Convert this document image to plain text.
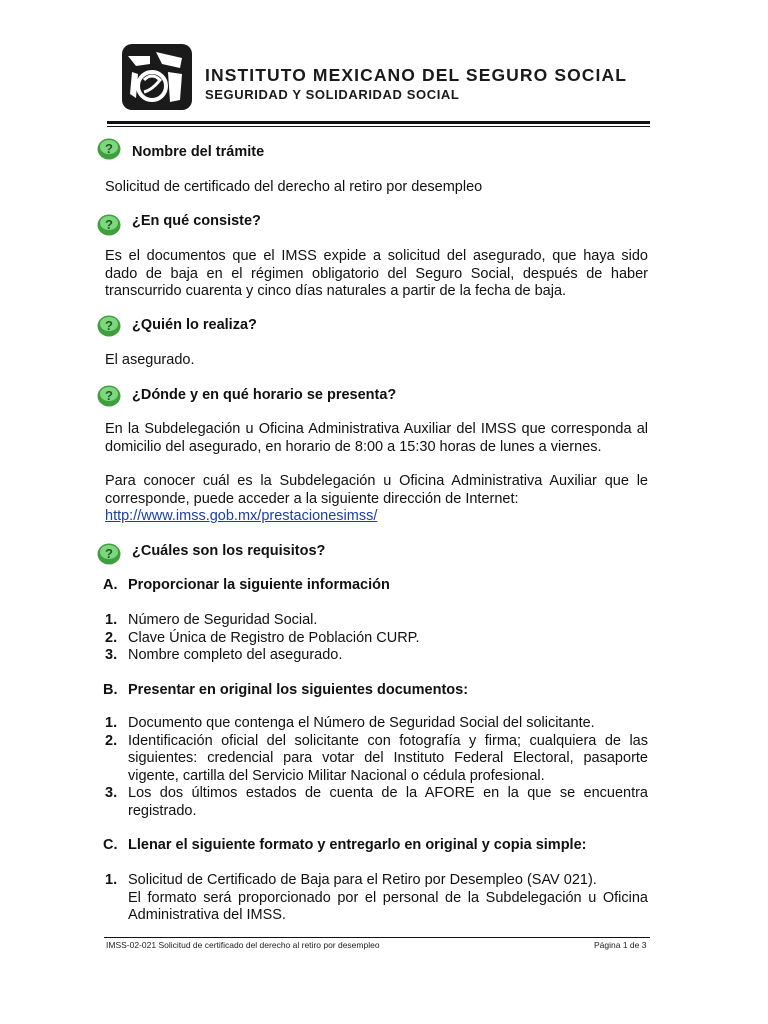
INSTITUTO MEXICANO DEL SEGURO SOCIAL
SEGURIDAD Y SOLIDARIDAD SOCIAL
? Nombre del trámite
Solicitud de certificado del derecho al retiro por desempleo
? ¿En qué consiste?
Es el documentos que el IMSS expide a solicitud del asegurado, que haya sido dado de baja en el régimen obligatorio del Seguro Social, después de haber transcurrido cuarenta y cinco días naturales a partir de la fecha de baja.
? ¿Quién lo realiza?
El asegurado.
? ¿Dónde y en qué horario se presenta?
En la Subdelegación u Oficina Administrativa Auxiliar del IMSS que corresponda al domicilio del asegurado, en horario de 8:00 a 15:30 horas de lunes a viernes.
Para conocer cuál es la Subdelegación u Oficina Administrativa Auxiliar que le corresponde, puede acceder a la siguiente dirección de Internet:
http://www.imss.gob.mx/prestacionesimss/
? ¿Cuáles son los requisitos?
A. Proporcionar la siguiente información
1. Número de Seguridad Social.
2. Clave Única de Registro de Población CURP.
3. Nombre completo del asegurado.
B. Presentar en original los siguientes documentos:
1. Documento que contenga el Número de Seguridad Social del solicitante.
2. Identificación oficial del solicitante con fotografía y firma; cualquiera de las siguientes: credencial para votar del Instituto Federal Electoral, pasaporte vigente, cartilla del Servicio Militar Nacional o cédula profesional.
3. Los dos últimos estados de cuenta de la AFORE en la que se encuentra registrado.
C. Llenar el siguiente formato y entregarlo en original y copia simple:
1. Solicitud de Certificado de Baja para el Retiro por Desempleo (SAV 021).
El formato será proporcionado por el personal de la Subdelegación u Oficina Administrativa del IMSS.
IMSS-02-021 Solicitud de certificado del derecho al retiro por desempleo	Página 1 de 3
